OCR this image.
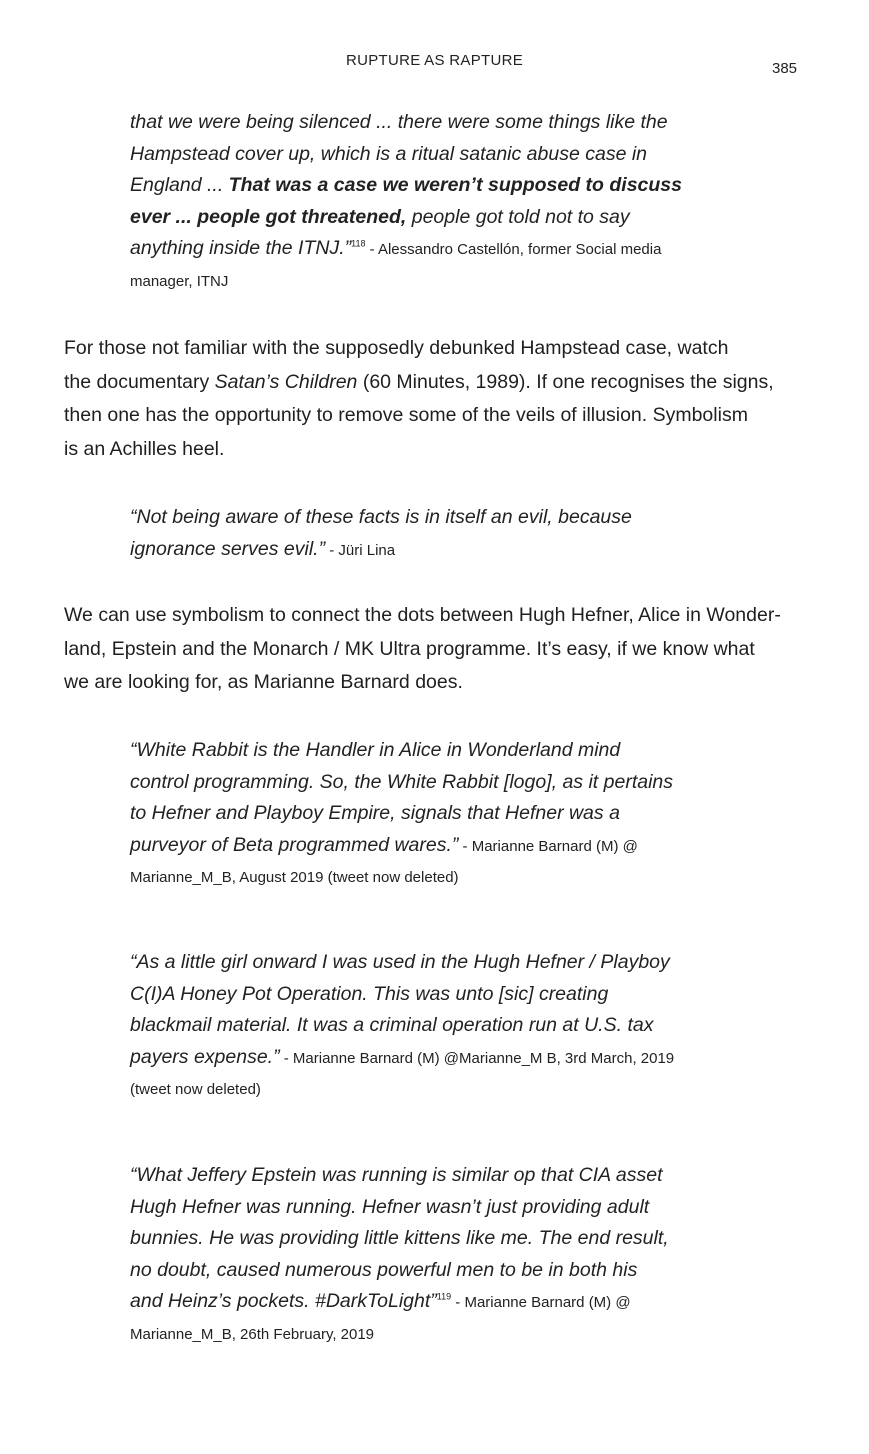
RUPTURE AS RAPTURE	385
that we were being silenced ... there were some things like the
Hampstead cover up, which is a ritual satanic abuse case in
England ... That was a case we weren’t supposed to discuss
ever ... people got threatened, people got told not to say
anything inside the ITNJ.”$^{118}$ - Alessandro Castellón, former Social media
manager, ITNJ
For those not familiar with the supposedly debunked Hampstead case, watch
the documentary Satan’s Children (60 Minutes, 1989). If one recognises the signs,
then one has the opportunity to remove some of the veils of illusion. Symbolism
is an Achilles heel.
“Not being aware of these facts is in itself an evil, because
ignorance serves evil.” - Jüri Lina
We can use symbolism to connect the dots between Hugh Hefner, Alice in Wonder-
land, Epstein and the Monarch / MK Ultra programme. It’s easy, if we know what
we are looking for, as Marianne Barnard does.
“White Rabbit is the Handler in Alice in Wonderland mind
control programming. So, the White Rabbit [logo], as it pertains
to Hefner and Playboy Empire, signals that Hefner was a
purveyor of Beta programmed wares.” - Marianne Barnard (M) @
Marianne_M_B, August 2019 (tweet now deleted)
“As a little girl onward I was used in the Hugh Hefner / Playboy
C(I)A Honey Pot Operation. This was unto [sic] creating
blackmail material. It was a criminal operation run at U.S. tax
payers expense.” - Marianne Barnard (M) @Marianne_M B, 3rd March, 2019
(tweet now deleted)
“What Jeffery Epstein was running is similar op that CIA asset
Hugh Hefner was running. Hefner wasn’t just providing adult
bunnies. He was providing little kittens like me. The end result,
no doubt, caused numerous powerful men to be in both his
and Heinz’s pockets. #DarkToLight”$^{119}$ - Marianne Barnard (M) @
Marianne_M_B, 26th February, 2019
